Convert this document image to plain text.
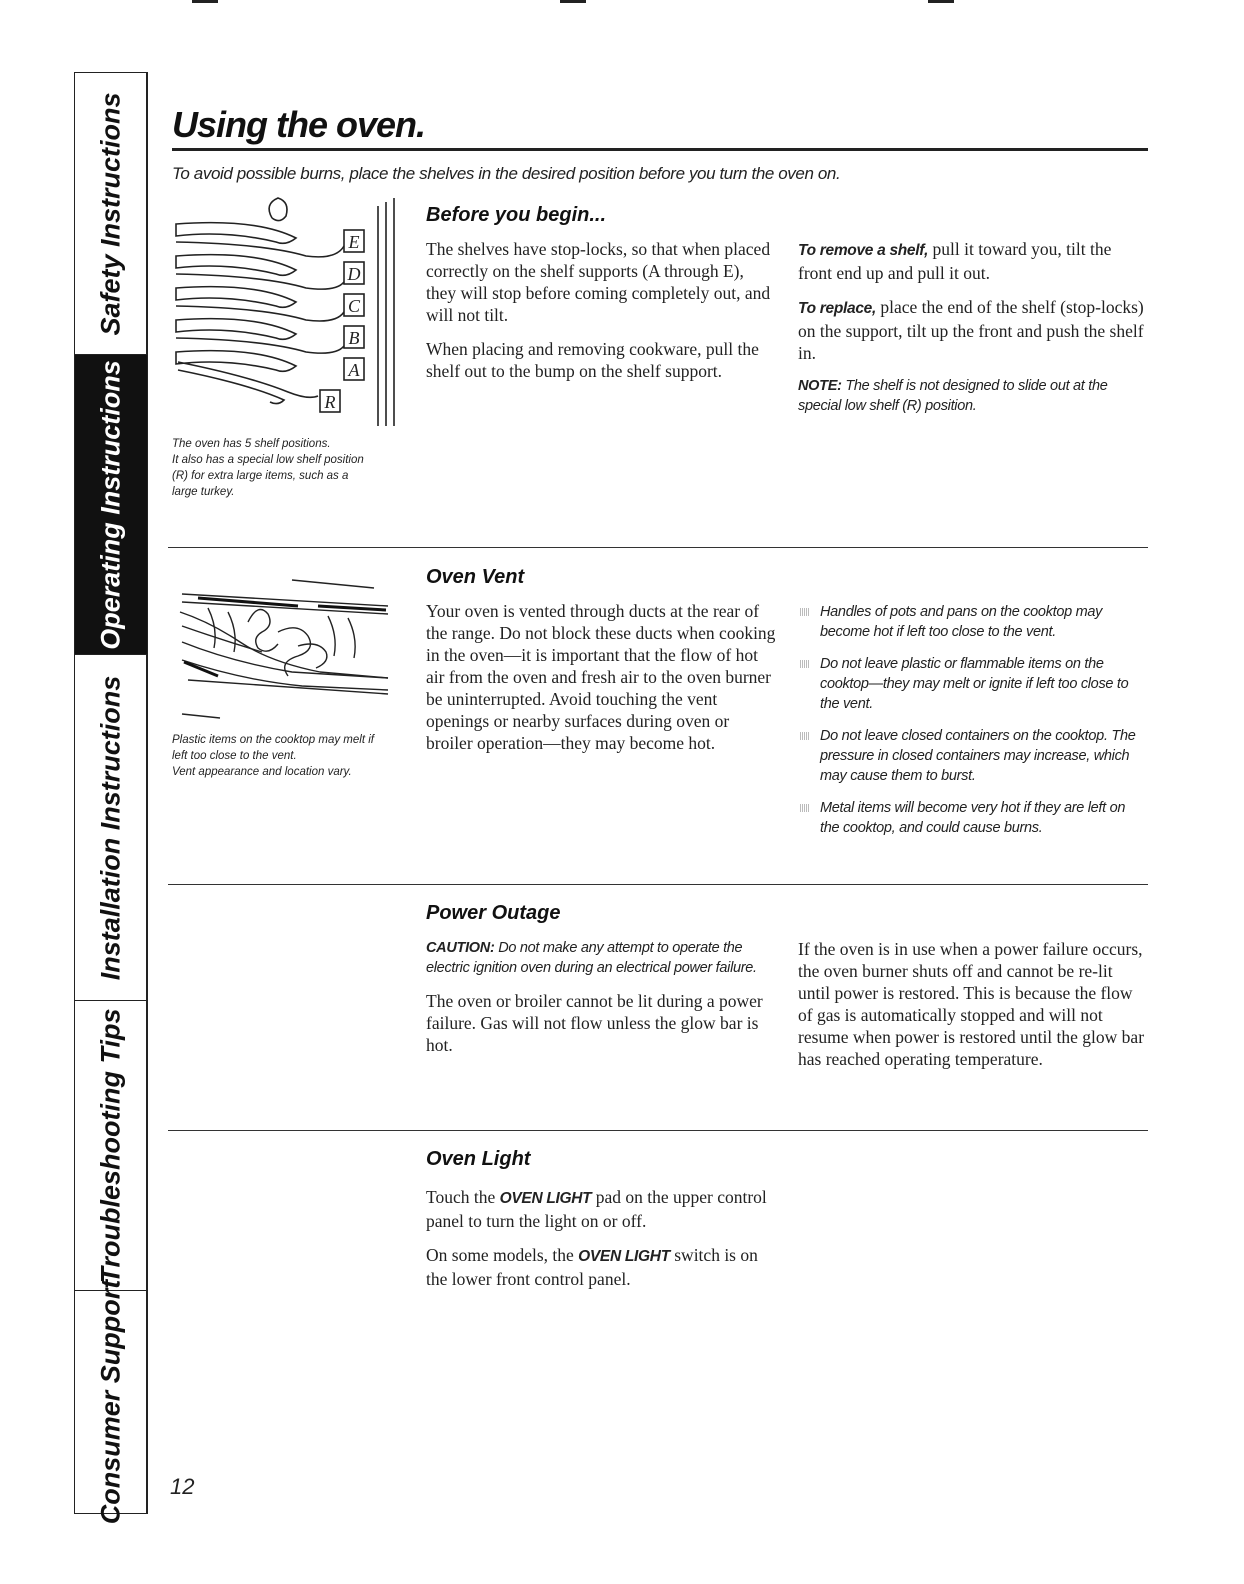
Safety Instructions
Operating Instructions
Installation Instructions
Troubleshooting Tips
Consumer Support
Using the oven.
To avoid possible burns, place the shelves in the desired position before you turn the oven on.
E
D
C
B
A
R

The oven has 5 shelf positions.

It also has a special low shelf position (R) for extra large items, such as a large turkey.

Before you begin...

The shelves have stop-locks, so that when placed correctly on the shelf supports (A through E), they will stop before coming completely out, and will not tilt.

When placing and removing cookware, pull the shelf out to the bump on the shelf support.

To remove a shelf, pull it toward you, tilt the front end up and pull it out.

To replace, place the end of the shelf (stop-locks) on the support, tilt up the front and push the shelf in.

NOTE: The shelf is not designed to slide out at the special low shelf (R) position.

Plastic items on the cooktop may melt if left too close to the vent.

Vent appearance and location vary.

Oven Vent

Your oven is vented through ducts at the rear of the range. Do not block these ducts when cooking in the oven—it is important that the flow of hot air from the oven and fresh air to the oven burner be uninterrupted. Avoid touching the vent openings or nearby surfaces during oven or broiler operation—they may become hot.

Handles of pots and pans on the cooktop may become hot if left too close to the vent.
Do not leave plastic or flammable items on the cooktop—they may melt or ignite if left too close to the vent.
Do not leave closed containers on the cooktop. The pressure in closed containers may increase, which may cause them to burst.
Metal items will become very hot if they are left on the cooktop, and could cause burns.
Power Outage

CAUTION: Do not make any attempt to operate the electric ignition oven during an electrical power failure.

The oven or broiler cannot be lit during a power failure. Gas will not flow unless the glow bar is hot.

If the oven is in use when a power failure occurs, the oven burner shuts off and cannot be re-lit until power is restored. This is because the flow of gas is automatically stopped and will not resume when power is restored until the glow bar has reached operating temperature.

Oven Light

Touch the OVEN LIGHT pad on the upper control panel to turn the light on or off.

On some models, the OVEN LIGHT switch is on the lower front control panel.

12
